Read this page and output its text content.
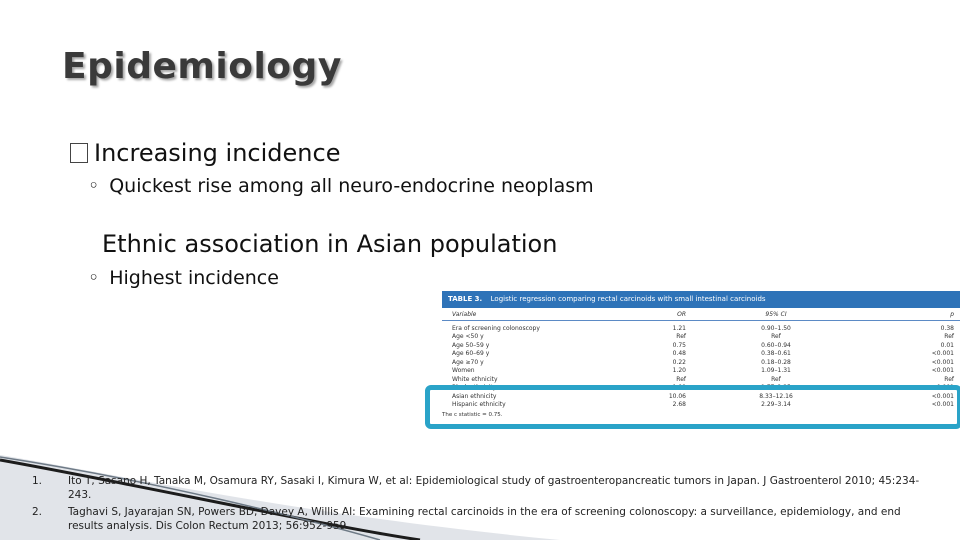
Epidemiology
Increasing incidence
◦ Quickest rise among all neuro-endocrine neoplasm
Ethnic association in Asian population
◦ Highest incidence
TABLE 3. Logistic regression comparing rectal carcinoids with small intestinal carcinoids
Variable	OR	95% CI	p
Era of screening colonoscopy	1.21	0.90–1.50	0.38
Age <50 y	Ref	Ref	Ref
Age 50–59 y	0.75	0.60–0.94	0.01
Age 60–69 y	0.48	0.38–0.61	<0.001
Age ≥70 y	0.22	0.18–0.28	<0.001
Women	1.20	1.09–1.31	<0.001
White ethnicity	Ref	Ref	Ref
Black ethnicity	1.99	1.77–2.25	<0.001
Asian ethnicity	10.06	8.33–12.16	<0.001
Hispanic ethnicity	2.68	2.29–3.14	<0.001
The c statistic = 0.75.
1.	Ito T, Sasano H, Tanaka M, Osamura RY, Sasaki I, Kimura W, et al: Epidemiological study of gastroenteropancreatic tumors in Japan. J Gastroenterol 2010; 45:234-243.
2.	Taghavi S, Jayarajan SN, Powers BD, Davey A, Willis AI: Examining rectal carcinoids in the era of screening colonoscopy: a surveillance, epidemiology, and end results analysis. Dis Colon Rectum 2013; 56:952-959.
